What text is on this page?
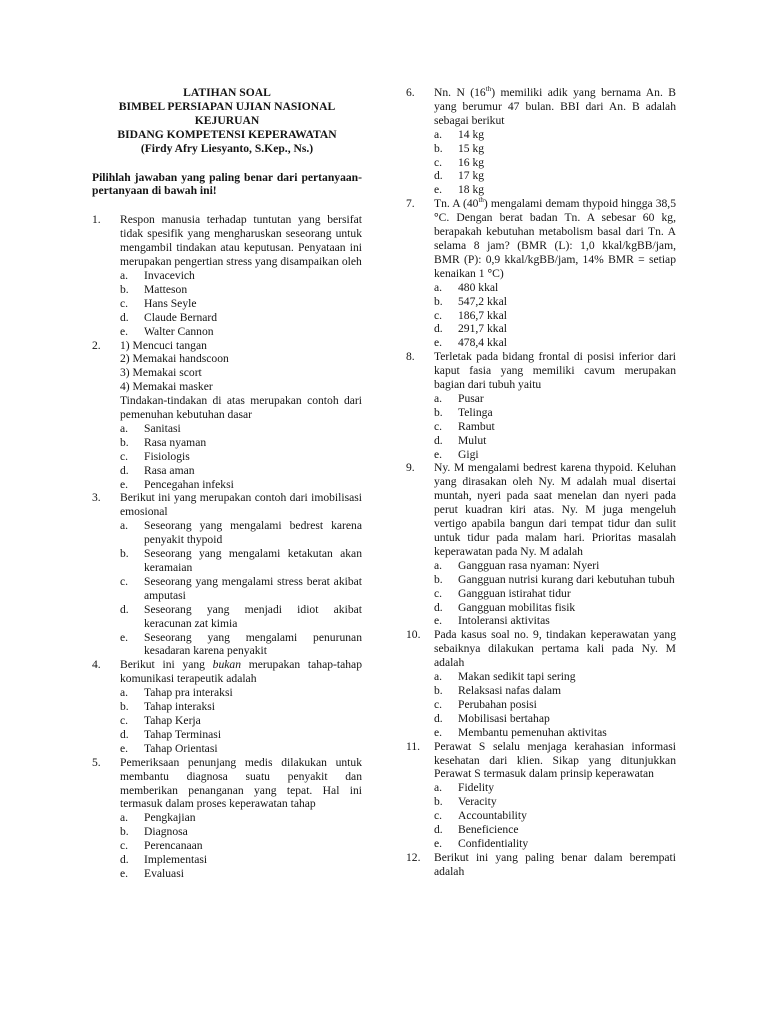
LATIHAN SOAL
BIMBEL PERSIAPAN UJIAN NASIONAL
KEJURUAN
BIDANG KOMPETENSI KEPERAWATAN
(Firdy Afry Liesyanto, S.Kep., Ns.)
Pilihlah jawaban yang paling benar dari pertanyaan-pertanyaan di bawah ini!
1.	Respon manusia terhadap tuntutan yang bersifat tidak spesifik yang mengharuskan seseorang untuk mengambil tindakan atau keputusan. Penyataan ini merupakan pengertian stress yang disampaikan oleh
a.	Invacevich
b.	Matteson
c.	Hans Seyle
d.	Claude Bernard
e.	Walter Cannon
2.	1) Mencuci tangan
2) Memakai handscoon
3) Memakai scort
4) Memakai masker
Tindakan-tindakan di atas merupakan contoh dari pemenuhan kebutuhan dasar
a.	Sanitasi
b.	Rasa nyaman
c.	Fisiologis
d.	Rasa aman
e.	Pencegahan infeksi
3.	Berikut ini yang merupakan contoh dari imobilisasi emosional
a.	Seseorang yang mengalami bedrest karena penyakit thypoid
b.	Seseorang yang mengalami ketakutan akan keramaian
c.	Seseorang yang mengalami stress berat akibat amputasi
d.	Seseorang yang menjadi idiot akibat keracunan zat kimia
e.	Seseorang yang mengalami penurunan kesadaran karena penyakit
4.	Berikut ini yang bukan merupakan tahap-tahap komunikasi terapeutik adalah
a.	Tahap pra interaksi
b.	Tahap interaksi
c.	Tahap Kerja
d.	Tahap Terminasi
e.	Tahap Orientasi
5.	Pemeriksaan penunjang medis dilakukan untuk membantu diagnosa suatu penyakit dan memberikan penanganan yang tepat. Hal ini termasuk dalam proses keperawatan tahap
a.	Pengkajian
b.	Diagnosa
c.	Perencanaan
d.	Implementasi
e.	Evaluasi
6.	Nn. N (16th) memiliki adik yang bernama An. B yang berumur 47 bulan. BBI dari An. B adalah sebagai berikut
a.	14 kg
b.	15 kg
c.	16 kg
d.	17 kg
e.	18 kg
7.	Tn. A (40th) mengalami demam thypoid hingga 38,5 °C. Dengan berat badan Tn. A sebesar 60 kg, berapakah kebutuhan metabolism basal dari Tn. A selama 8 jam? (BMR (L): 1,0 kkal/kgBB/jam, BMR (P): 0,9 kkal/kgBB/jam, 14% BMR = setiap kenaikan 1 °C)
a.	480 kkal
b.	547,2 kkal
c.	186,7 kkal
d.	291,7 kkal
e.	478,4 kkal
8.	Terletak pada bidang frontal di posisi inferior dari kaput fasia yang memiliki cavum merupakan bagian dari tubuh yaitu
a.	Pusar
b.	Telinga
c.	Rambut
d.	Mulut
e.	Gigi
9.	Ny. M mengalami bedrest karena thypoid. Keluhan yang dirasakan oleh Ny. M adalah mual disertai muntah, nyeri pada saat menelan dan nyeri pada perut kuadran kiri atas. Ny. M juga mengeluh vertigo apabila bangun dari tempat tidur dan sulit untuk tidur pada malam hari. Prioritas masalah keperawatan pada Ny. M adalah
a.	Gangguan rasa nyaman: Nyeri
b.	Gangguan nutrisi kurang dari kebutuhan tubuh
c.	Gangguan istirahat tidur
d.	Gangguan mobilitas fisik
e.	Intoleransi aktivitas
10.	Pada kasus soal no. 9, tindakan keperawatan yang sebaiknya dilakukan pertama kali pada Ny. M adalah
a.	Makan sedikit tapi sering
b.	Relaksasi nafas dalam
c.	Perubahan posisi
d.	Mobilisasi bertahap
e.	Membantu pemenuhan aktivitas
11.	Perawat S selalu menjaga kerahasian informasi kesehatan dari klien. Sikap yang ditunjukkan Perawat S termasuk dalam prinsip keperawatan
a.	Fidelity
b.	Veracity
c.	Accountability
d.	Beneficience
e.	Confidentiality
12.	Berikut ini yang paling benar dalam berempati adalah
